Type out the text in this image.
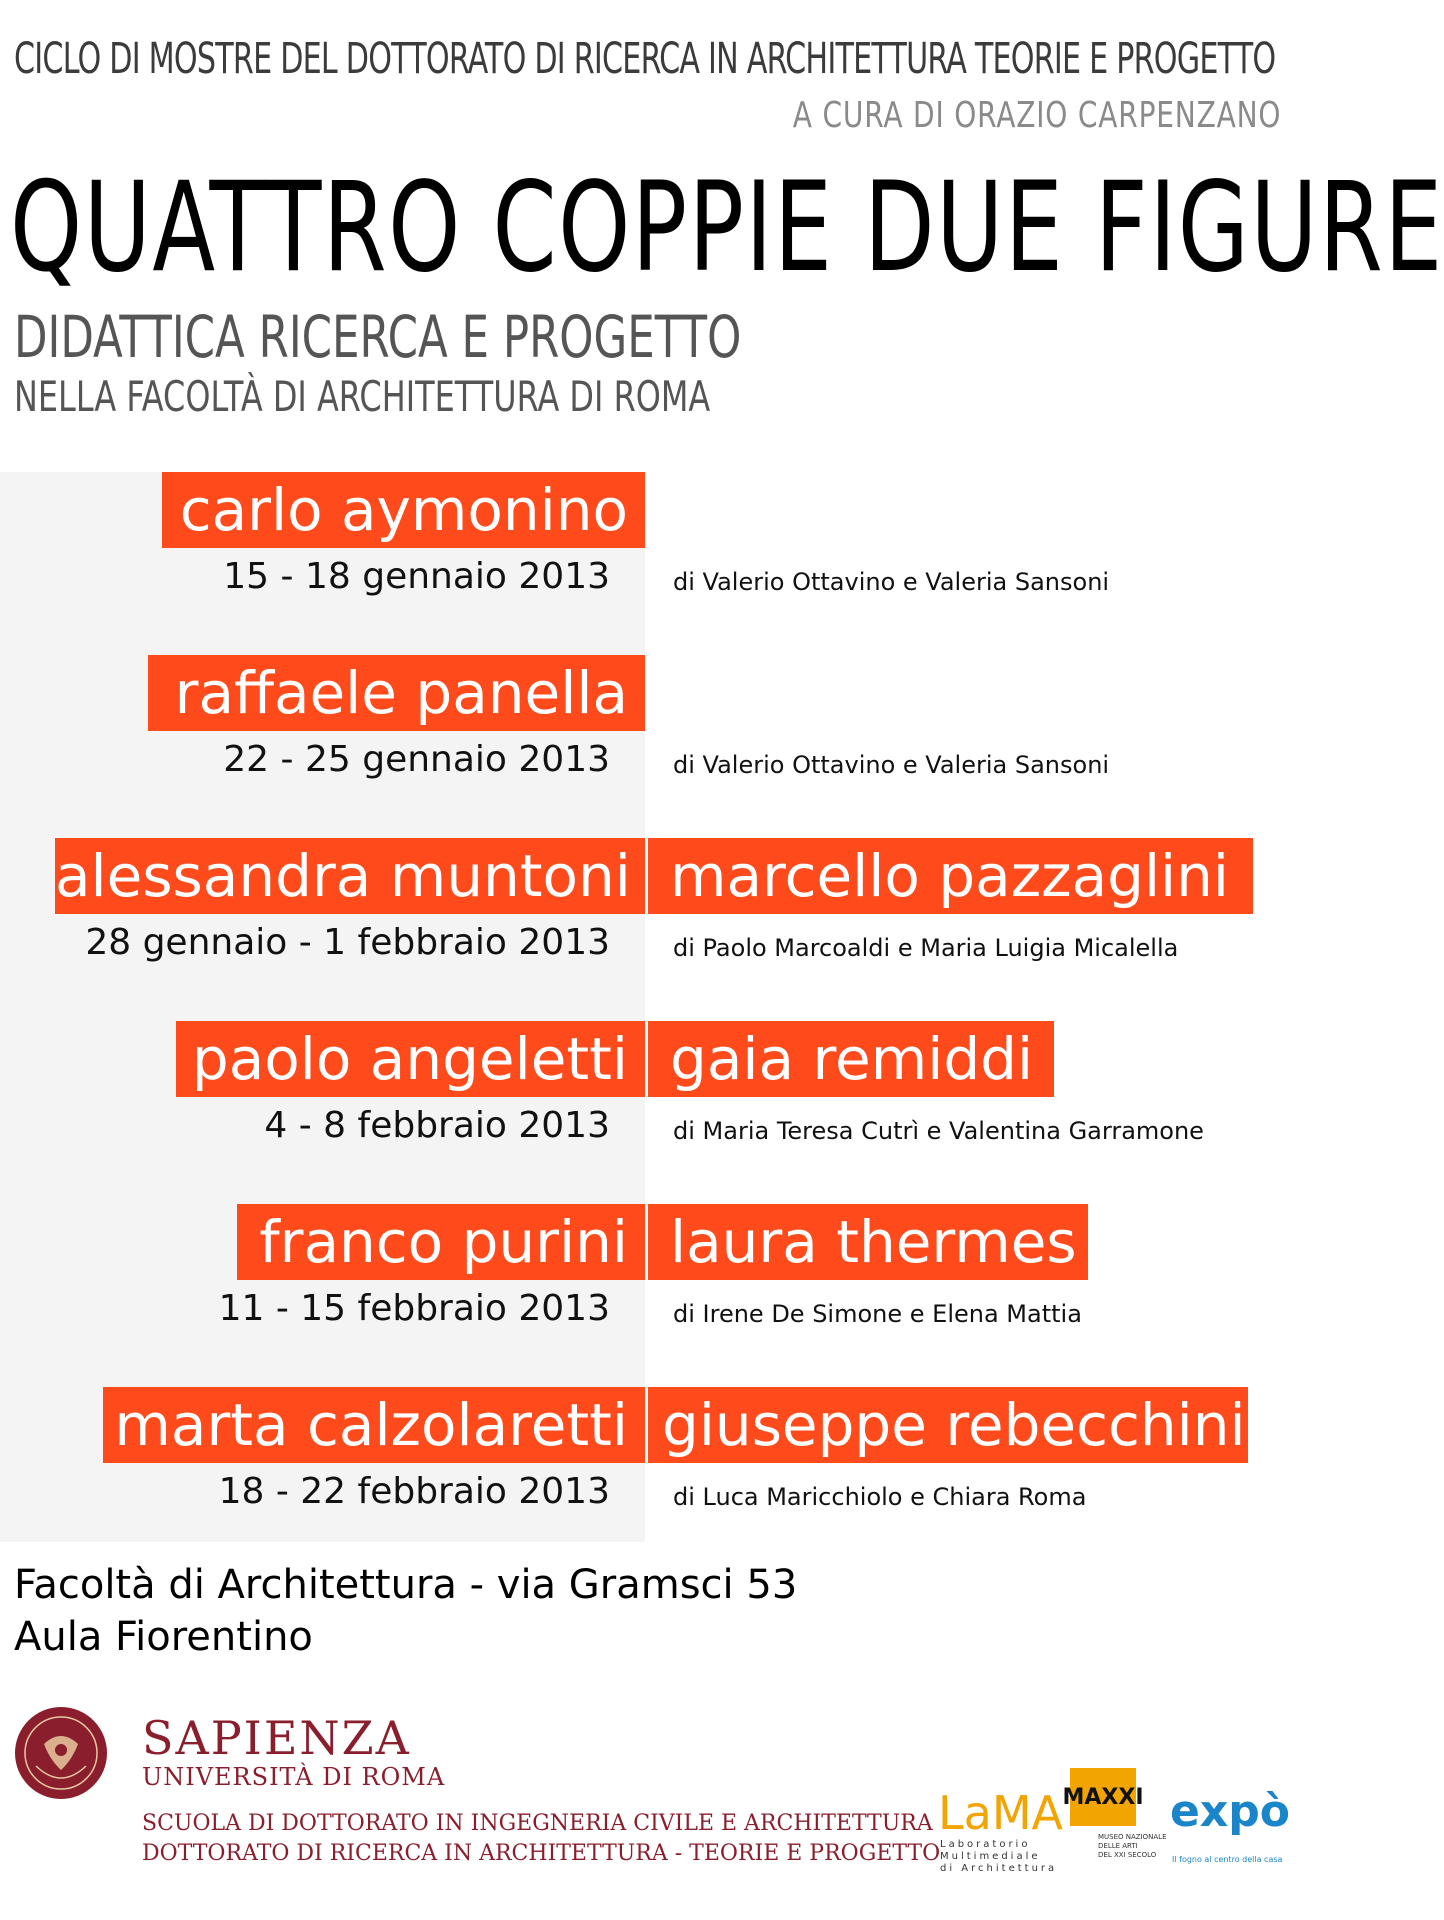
CICLO DI MOSTRE DEL DOTTORATO DI RICERCA IN ARCHITETTURA TEORIE E PROGETTO
A CURA DI ORAZIO CARPENZANO
QUATTRO COPPIE DUE FIGURE
DIDATTICA RICERCA E PROGETTO
NELLA FACOLTÀ DI ARCHITETTURA DI ROMA
carlo aymonino
15 - 18 gennaio 2013	di Valerio Ottavino e Valeria Sansoni
raffaele panella
22 - 25 gennaio 2013	di Valerio Ottavino e Valeria Sansoni
alessandra muntoni marcello pazzaglini
28 gennaio - 1 febbraio 2013	di Paolo Marcoaldi e Maria Luigia Micalella
paolo angeletti gaia remiddi
4 - 8 febbraio 2013	di Maria Teresa Cutrì e Valentina Garramone
franco purini laura thermes
11 - 15 febbraio 2013	di Irene De Simone e Elena Mattia
marta calzolaretti giuseppe rebecchini
18 - 22 febbraio 2013	di Luca Maricchiolo e Chiara Roma
Facoltà di Architettura - via Gramsci 53
Aula Fiorentino
SAPIENZA
UNIVERSITÀ DI ROMA
SCUOLA DI DOTTORATO IN INGEGNERIA CIVILE E ARCHITETTURA
DOTTORATO DI RICERCA IN ARCHITETTURA - TEORIE E PROGETTO
LaMA
Laboratorio
Multimediale
di Architettura
MAXXI
MUSEO NAZIONALE
DELLE ARTI
DEL XXI SECOLO
expò
Il fogno al centro della casa
